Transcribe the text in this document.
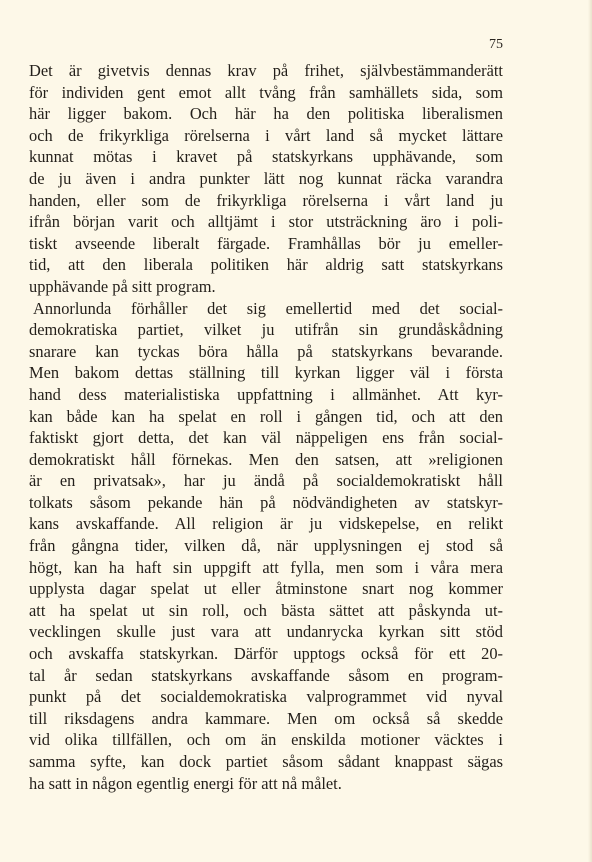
75
Det är givetvis dennas krav på frihet, självbestämmanderätt
för individen gent emot allt tvång från samhällets sida, som
här ligger bakom. Och här ha den politiska liberalismen
och de frikyrkliga rörelserna i vårt land så mycket lättare
kunnat mötas i kravet på statskyrkans upphävande, som
de ju även i andra punkter lätt nog kunnat räcka varandra
handen, eller som de frikyrkliga rörelserna i vårt land ju
ifrån början varit och alltjämt i stor utsträckning äro i poli-
tiskt avseende liberalt färgade. Framhållas bör ju emeller-
tid, att den liberala politiken här aldrig satt statskyrkans
upphävande på sitt program.
Annorlunda förhåller det sig emellertid med det social-
demokratiska partiet, vilket ju utifrån sin grundåskådning
snarare kan tyckas böra hålla på statskyrkans bevarande.
Men bakom dettas ställning till kyrkan ligger väl i första
hand dess materialistiska uppfattning i allmänhet. Att kyr-
kan både kan ha spelat en roll i gången tid, och att den
faktiskt gjort detta, det kan väl näppeligen ens från social-
demokratiskt håll förnekas. Men den satsen, att »religionen
är en privatsak», har ju ändå på socialdemokratiskt håll
tolkats såsom pekande hän på nödvändigheten av statskyr-
kans avskaffande. All religion är ju vidskepelse, en relikt
från gångna tider, vilken då, när upplysningen ej stod så
högt, kan ha haft sin uppgift att fylla, men som i våra mera
upplysta dagar spelat ut eller åtminstone snart nog kommer
att ha spelat ut sin roll, och bästa sättet att påskynda ut-
vecklingen skulle just vara att undanrycka kyrkan sitt stöd
och avskaffa statskyrkan. Därför upptogs också för ett 20-
tal år sedan statskyrkans avskaffande såsom en program-
punkt på det socialdemokratiska valprogrammet vid nyval
till riksdagens andra kammare. Men om också så skedde
vid olika tillfällen, och om än enskilda motioner väcktes i
samma syfte, kan dock partiet såsom sådant knappast sägas
ha satt in någon egentlig energi för att nå målet.
